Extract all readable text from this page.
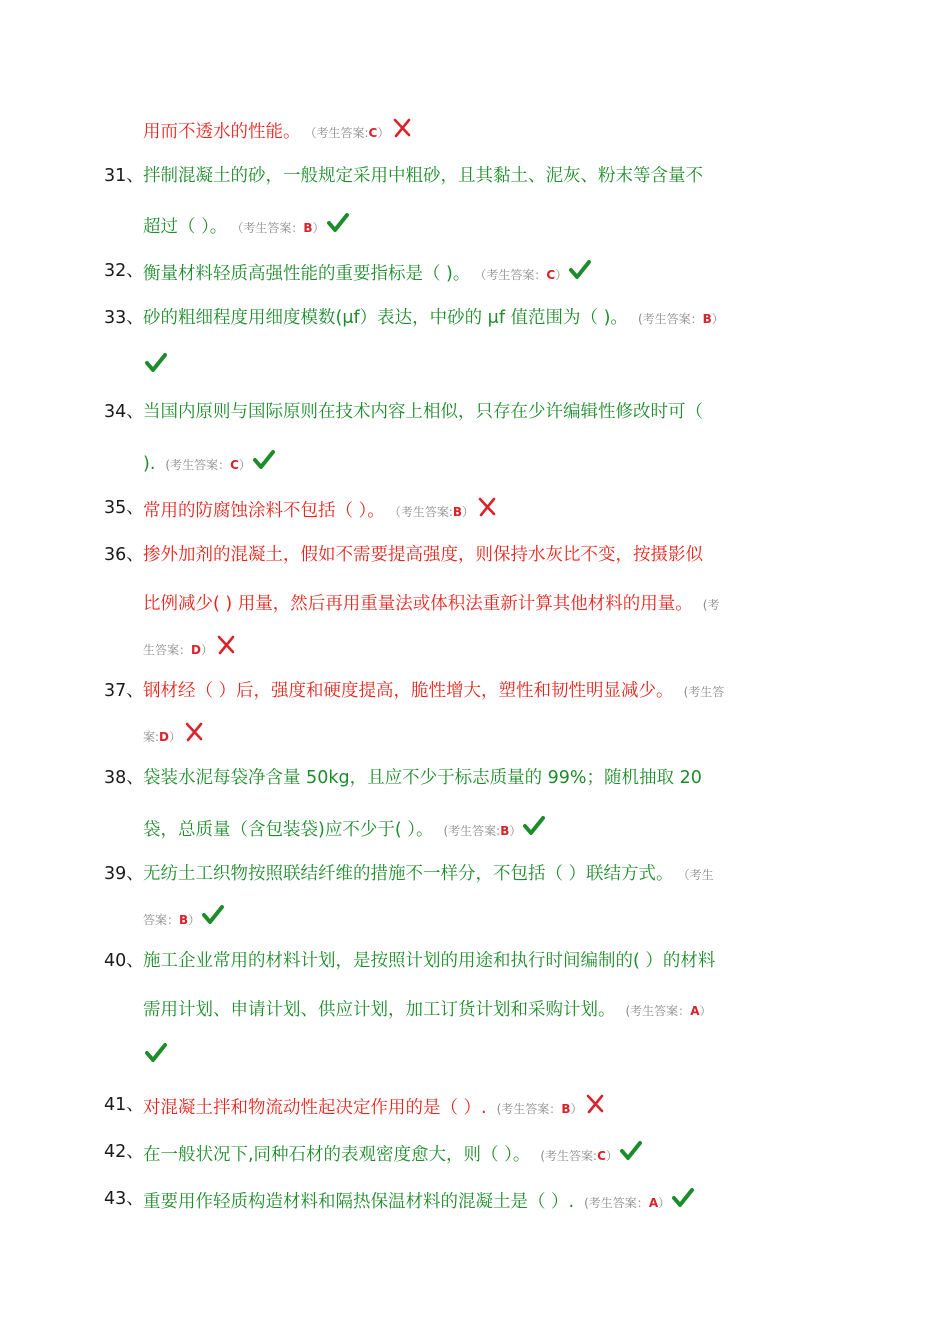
用而不透水的性能。 （考生答案:C）
31、 拌制混凝土的砂，一般规定采用中粗砂，且其黏土、泥灰、粉末等含量不
超过（ ）。 （考生答案：B）
32、 衡量材料轻质高强性能的重要指标是（ )。 （考生答案：C）
33、 砂的粗细程度用细度模数(μf）表达，中砂的 μf 值范围为（ )。 (考生答案：B）
34、 当国内原则与国际原则在技术内容上相似，只存在少许编辑性修改时可（
). (考生答案：C）
35、 常用的防腐蚀涂料不包括（ ）。 （考生答案:B）
36、 掺外加剂的混凝土，假如不需要提高强度，则保持水灰比不变，按摄影似
比例减少( ) 用量，然后再用重量法或体积法重新计算其他材料的用量。 (考
生答案：D）
37、 钢材经（ ）后，强度和硬度提高，脆性增大，塑性和韧性明显减少。 (考生答
案:D）
38、 袋装水泥每袋净含量 50kg，且应不少于标志质量的 99%；随机抽取 20
袋，总质量（含包装袋)应不少于( ）。 (考生答案:B）
39、 无纺土工织物按照联结纤维的措施不一样分，不包括（ ）联结方式。 （考生
答案：B）
40、 施工企业常用的材料计划，是按照计划的用途和执行时间编制的( ）的材料
需用计划、申请计划、供应计划，加工订货计划和采购计划。 (考生答案：A）
41、 对混凝土拌和物流动性起决定作用的是（ ）. (考生答案：B）
42、 在一般状况下,同种石材的表观密度愈大，则（ ）。 (考生答案:C）
43、 重要用作轻质构造材料和隔热保温材料的混凝土是（ ）. (考生答案：A）
